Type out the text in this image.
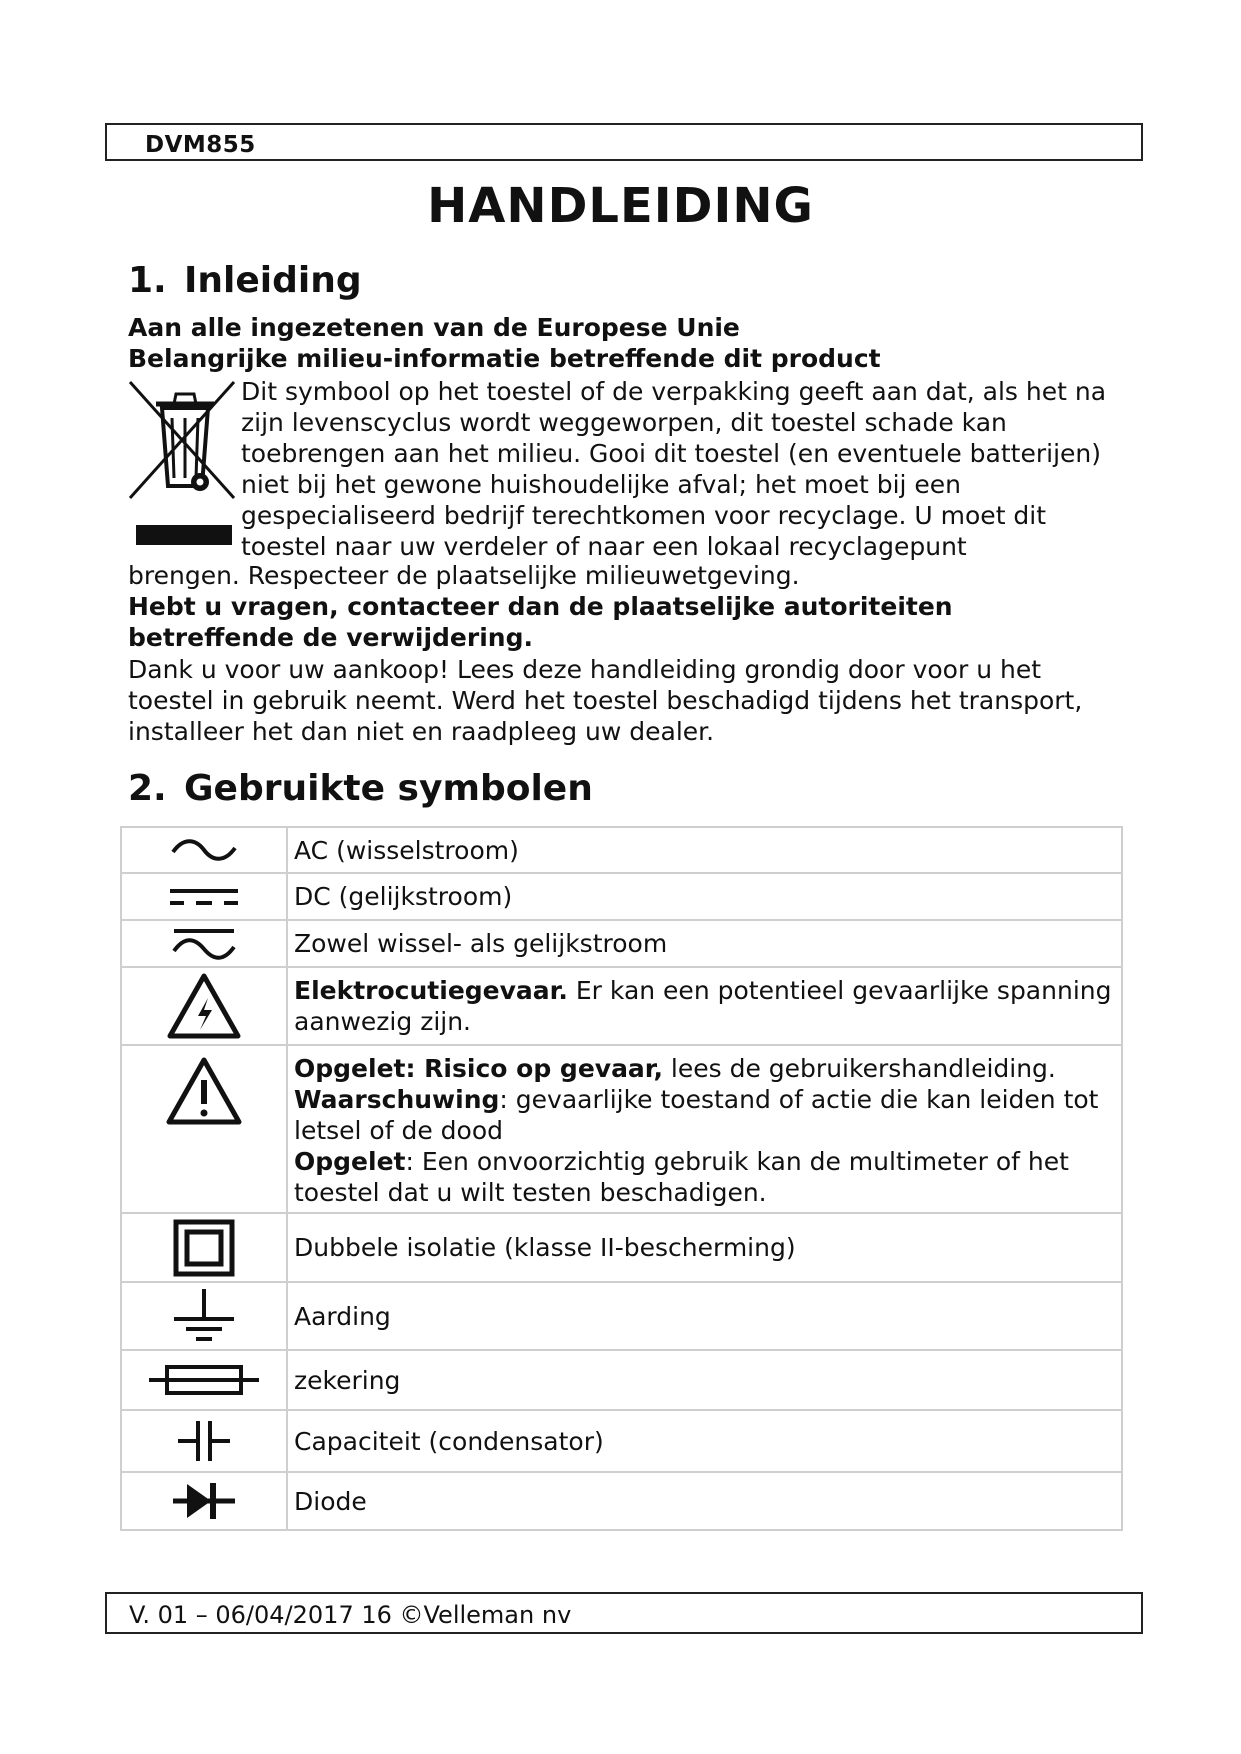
DVM855
HANDLEIDING
1. Inleiding
Aan alle ingezetenen van de Europese Unie
Belangrijke milieu-informatie betreffende dit product
Dit symbool op het toestel of de verpakking geeft aan dat, als het na zijn levenscyclus wordt weggeworpen, dit toestel schade kan toebrengen aan het milieu. Gooi dit toestel (en eventuele batterijen) niet bij het gewone huishoudelijke afval; het moet bij een gespecialiseerd bedrijf terechtkomen voor recyclage. U moet dit toestel naar uw verdeler of naar een lokaal recyclagepunt
brengen. Respecteer de plaatselijke milieuwetgeving.
Hebt u vragen, contacteer dan de plaatselijke autoriteiten betreffende de verwijdering.
Dank u voor uw aankoop! Lees deze handleiding grondig door voor u het toestel in gebruik neemt. Werd het toestel beschadigd tijdens het transport, installeer het dan niet en raadpleeg uw dealer.
2. Gebruikte symbolen
	AC (wisselstroom)

	DC (gelijkstroom)

	Zowel wissel- als gelijkstroom

	Elektrocutiegevaar. Er kan een potentieel gevaarlijke spanning aanwezig zijn.

Opgelet: Risico op gevaar, lees de gebruikershandleiding.
Waarschuwing: gevaarlijke toestand of actie die kan leiden tot letsel of de dood
Opgelet: Een onvoorzichtig gebruik kan de multimeter of het toestel dat u wilt testen beschadigen.

	Dubbele isolatie (klasse II-bescherming)

	Aarding

	zekering

	Capaciteit (condensator)

	Diode
V. 01 – 06/04/2017 16 ©Velleman nv
